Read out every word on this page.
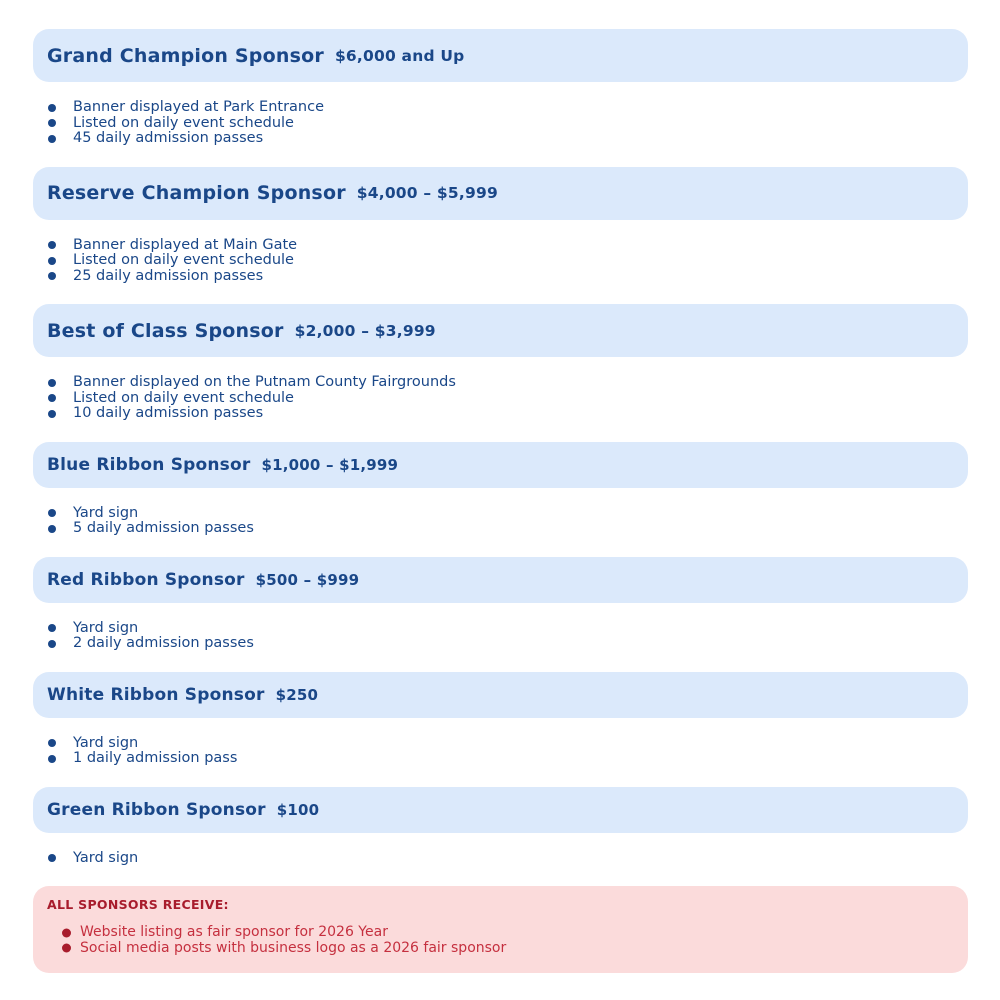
Grand Champion Sponsor $6,000 and Up
Banner displayed at Park Entrance
Listed on daily event schedule
45 daily admission passes
Reserve Champion Sponsor $4,000 – $5,999
Banner displayed at Main Gate
Listed on daily event schedule
25 daily admission passes
Best of Class Sponsor $2,000 – $3,999
Banner displayed on the Putnam County Fairgrounds
Listed on daily event schedule
10 daily admission passes
Blue Ribbon Sponsor $1,000 – $1,999
Yard sign
5 daily admission passes
Red Ribbon Sponsor $500 – $999
Yard sign
2 daily admission passes
White Ribbon Sponsor $250
Yard sign
1 daily admission pass
Green Ribbon Sponsor $100
Yard sign
ALL SPONSORS RECEIVE:
Website listing as fair sponsor for 2026 Year
Social media posts with business logo as a 2026 fair sponsor
